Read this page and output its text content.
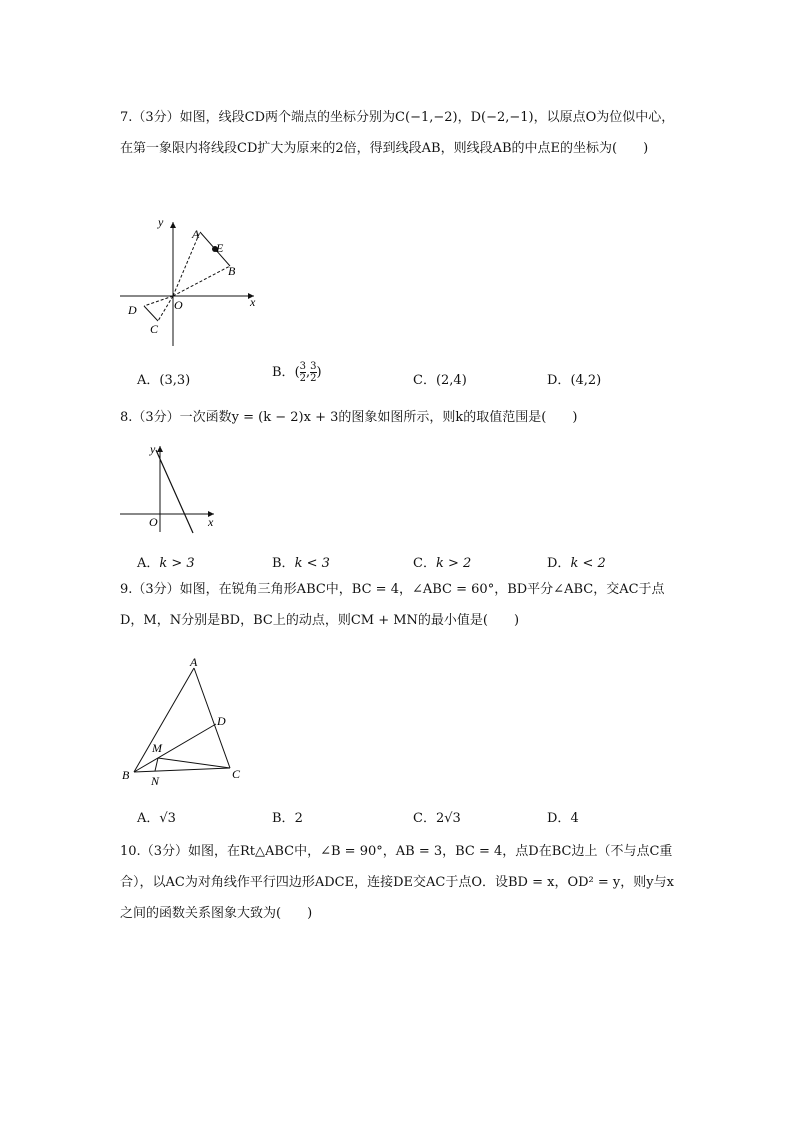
7.（3分）如图，线段CD两个端点的坐标分别为C(−1,−2)，D(−2,−1)，以原点O为位似中心，在第一象限内将线段CD扩大为原来的2倍，得到线段AB，则线段AB的中点E的坐标为(　　)
y
x
O
A
E
B
D
C
A．(3,3)
B．( $\frac{3}{2}$ , $\frac{3}{2}$ )
C．(2,4)	D．(4,2)
8.（3分）一次函数y = (k − 2)x + 3的图象如图所示，则k的取值范围是(　　)
y
x
O
A．k > 3	B．k < 3	C．k > 2	D．k < 2
9.（3分）如图，在锐角三角形ABC中，BC = 4，∠ABC = 60°，BD平分∠ABC，交AC于点D，M，N分别是BD，BC上的动点，则CM + MN的最小值是(　　)
A
D
M
B N	C
A．√3	B．2	C．2√3	D．4
10.（3分）如图，在Rt△ABC中，∠B = 90°，AB = 3，BC = 4，点D在BC边上（不与点C重合），以AC为对角线作平行四边形ADCE，连接DE交AC于点O．设BD = x，OD² = y，则y与x之间的函数关系图象大致为(　　)
